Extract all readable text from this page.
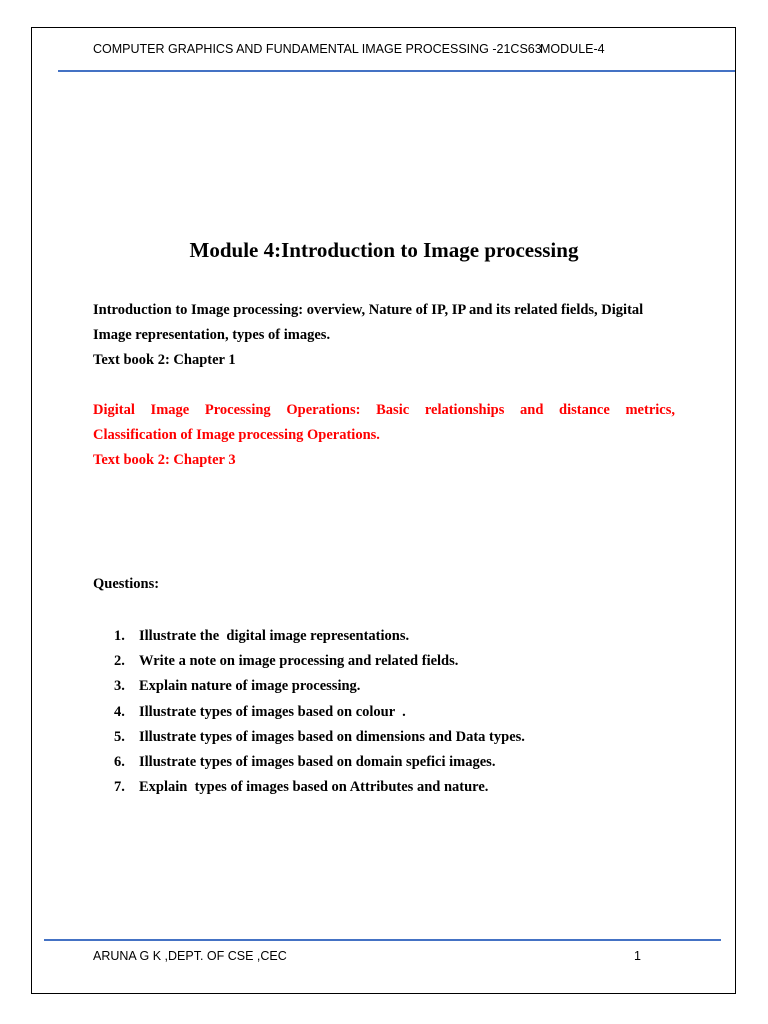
COMPUTER GRAPHICS AND FUNDAMENTAL IMAGE PROCESSING -21CS63
MODULE-4
Module 4:Introduction to Image processing
Introduction to Image processing: overview, Nature of IP, IP and its related fields, Digital
Image representation, types of images.
Text book 2: Chapter 1
Digital Image Processing Operations: Basic relationships and distance metrics,
Classification of Image processing Operations.
Text book 2: Chapter 3
Questions:
1. Illustrate the  digital image representations.
2. Write a note on image processing and related fields.
3. Explain nature of image processing.
4. Illustrate types of images based on colour  .
5. Illustrate types of images based on dimensions and Data types.
6. Illustrate types of images based on domain spefici images.
7. Explain  types of images based on Attributes and nature.
ARUNA G K ,DEPT. OF CSE ,CEC	1
